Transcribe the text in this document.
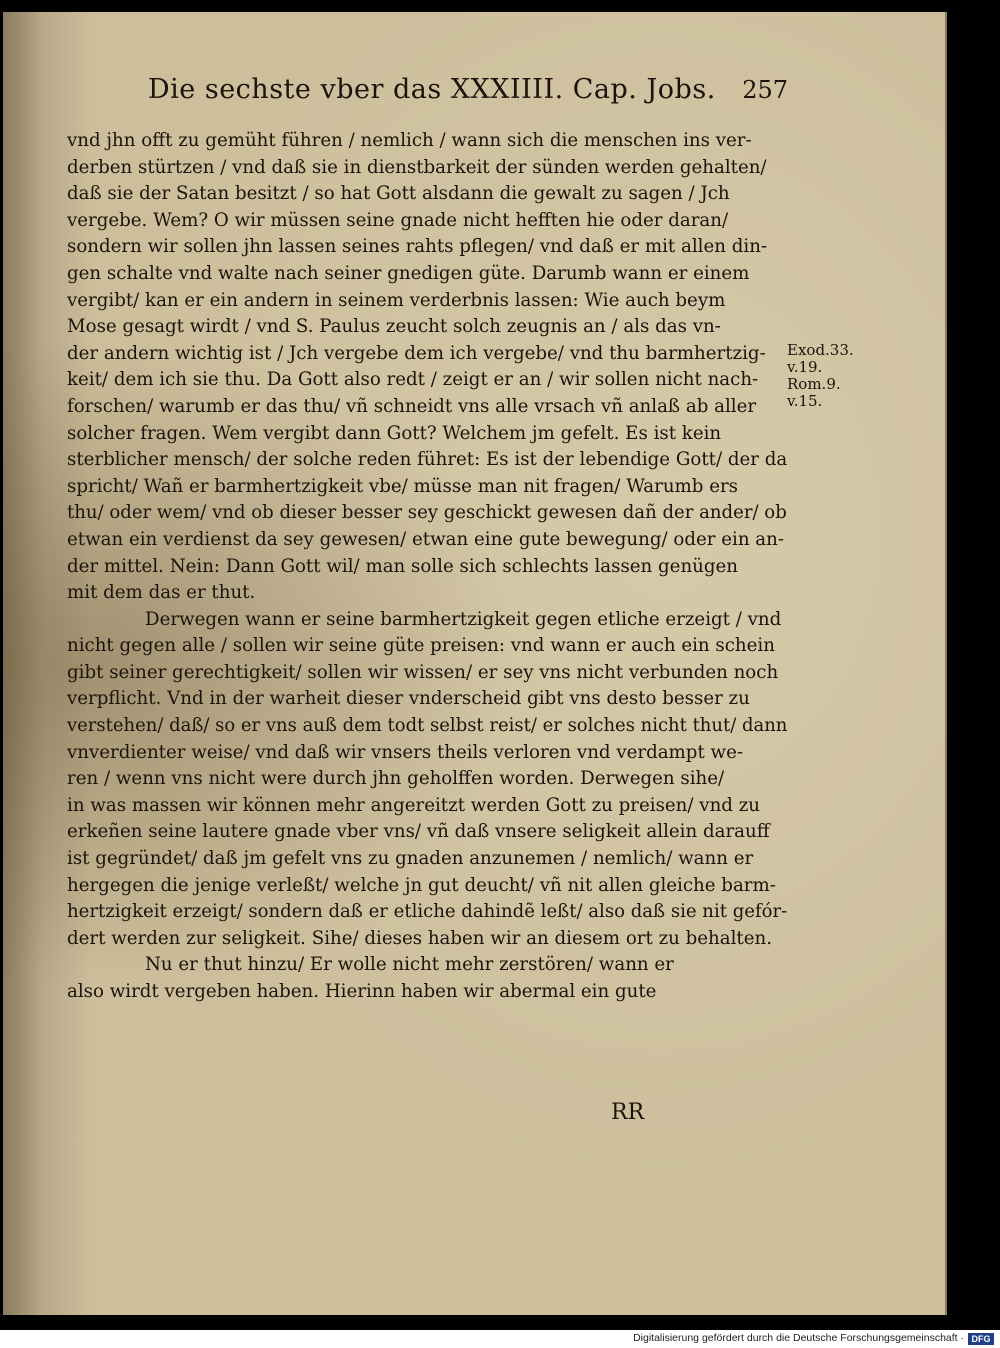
Die sechste vber das XXXIIII. Cap. Jobs. 257
vnd jhn offt zu gemüht führen / nemlich / wann sich die menschen ins ver-
derben stürtzen / vnd daß sie in dienstbarkeit der sünden werden gehalten/
daß sie der Satan besitzt / so hat Gott alsdann die gewalt zu sagen / Jch
vergebe. Wem? O wir müssen seine gnade nicht hefften hie oder daran/
sondern wir sollen jhn lassen seines rahts pflegen/ vnd daß er mit allen din-
gen schalte vnd walte nach seiner gnedigen güte. Darumb wann er einem
vergibt/ kan er ein andern in seinem verderbnis lassen: Wie auch beym
Mose gesagt wirdt / vnd S. Paulus zeucht solch zeugnis an / als das vn-
der andern wichtig ist / Jch vergebe dem ich vergebe/ vnd thu barmhertzig-
keit/ dem ich sie thu. Da Gott also redt / zeigt er an / wir sollen nicht nach-
forschen/ warumb er das thu/ vñ schneidt vns alle vrsach vñ anlaß ab aller
solcher fragen. Wem vergibt dann Gott? Welchem jm gefelt. Es ist kein
sterblicher mensch/ der solche reden führet: Es ist der lebendige Gott/ der da
spricht/ Wañ er barmhertzigkeit vbe/ müsse man nit fragen/ Warumb ers
thu/ oder wem/ vnd ob dieser besser sey geschickt gewesen dañ der ander/ ob
etwan ein verdienst da sey gewesen/ etwan eine gute bewegung/ oder ein an-
der mittel. Nein: Dann Gott wil/ man solle sich schlechts lassen genügen
mit dem das er thut.
Derwegen wann er seine barmhertzigkeit gegen etliche erzeigt / vnd
nicht gegen alle / sollen wir seine güte preisen: vnd wann er auch ein schein
gibt seiner gerechtigkeit/ sollen wir wissen/ er sey vns nicht verbunden noch
verpflicht. Vnd in der warheit dieser vnderscheid gibt vns desto besser zu
verstehen/ daß/ so er vns auß dem todt selbst reist/ er solches nicht thut/ dann
vnverdienter weise/ vnd daß wir vnsers theils verloren vnd verdampt we-
ren / wenn vns nicht were durch jhn geholffen worden. Derwegen sihe/
in was massen wir können mehr angereitzt werden Gott zu preisen/ vnd zu
erkeñen seine lautere gnade vber vns/ vñ daß vnsere seligkeit allein darauff
ist gegründet/ daß jm gefelt vns zu gnaden anzunemen / nemlich/ wann er
hergegen die jenige verleßt/ welche jn gut deucht/ vñ nit allen gleiche barm-
hertzigkeit erzeigt/ sondern daß er etliche dahindẽ leßt/ also daß sie nit gefór-
dert werden zur seligkeit. Sihe/ dieses haben wir an diesem ort zu behalten.
Nu er thut hinzu/ Er wolle nicht mehr zerstören/ wann er
also wirdt vergeben haben. Hierinn haben wir abermal ein gute
Exod.33.
v.19.
Rom.9.
v.15.
RR
Digitalisierung gefördert durch die Deutsche Forschungsgemeinschaft · DFG
